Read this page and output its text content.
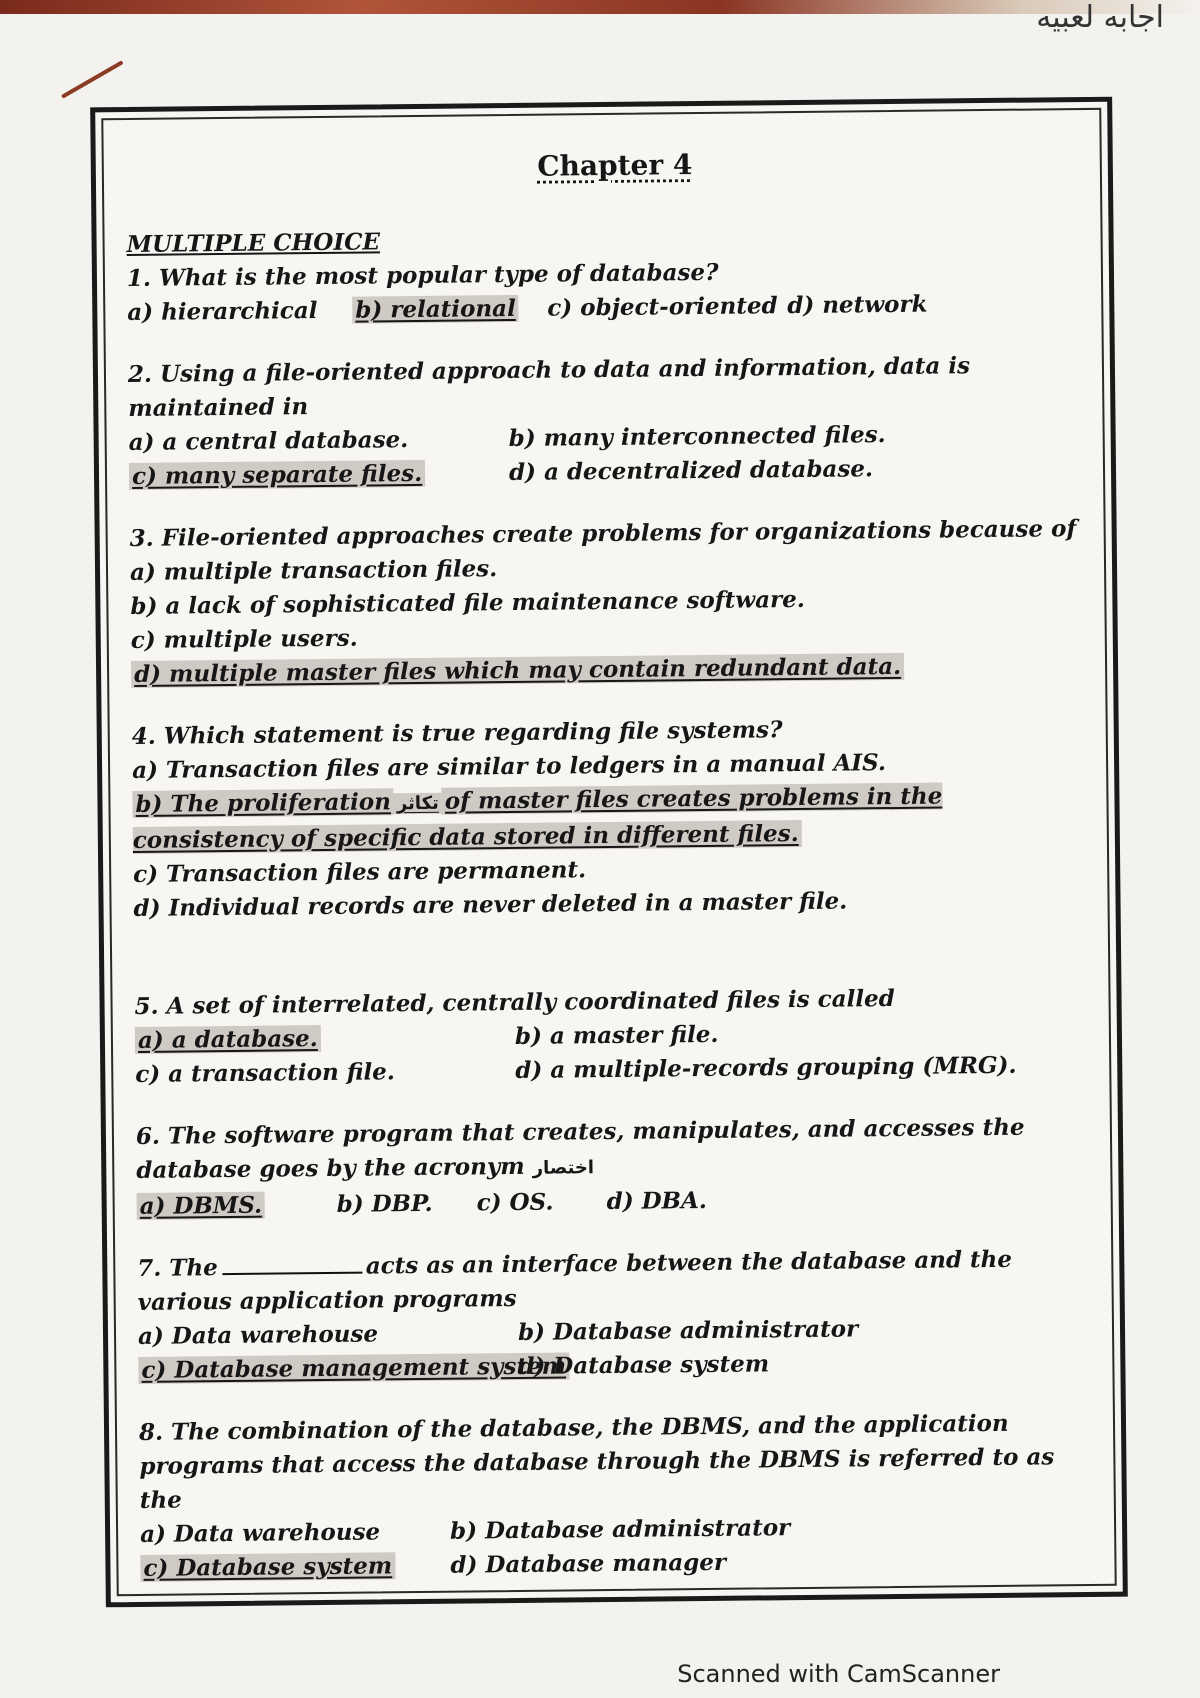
اجابه لعبيه
Chapter 4
MULTIPLE CHOICE

1. What is the most popular type of database?

a) hierarchical	b) relational	c) object-oriented d) network

2. Using a file-oriented approach to data and information, data is maintained in

a) a central database.	b) many interconnected files.
c) many separate files.	d) a decentralized database.

3. File-oriented approaches create problems for organizations because of

a) multiple transaction files.
b) a lack of sophisticated file maintenance software.
c) multiple users.
d) multiple master files which may contain redundant data.

4. Which statement is true regarding file systems?

a) Transaction files are similar to ledgers in a manual AIS.
b) The proliferation تكاثر of master files creates problems in the consistency of specific data stored in different files.
c) Transaction files are permanent.
d) Individual records are never deleted in a master file.

5. A set of interrelated, centrally coordinated files is called

a) a database.	b) a master file.
c) a transaction file.	d) a multiple-records grouping (MRG).

6. The software program that creates, manipulates, and accesses the database goes by the acronym اختصار

a) DBMS.	b) DBP.	c) OS.	d) DBA.

7. The	acts as an interface between the database and the various application programs

a) Data warehouse	b) Database administrator
c) Database management system
d) Database system

8. The combination of the database, the DBMS, and the application programs that access the database through the DBMS is referred to as the

a) Data warehouse	b) Database administrator
c) Database system	d) Database manager
Scanned with CamScanner
